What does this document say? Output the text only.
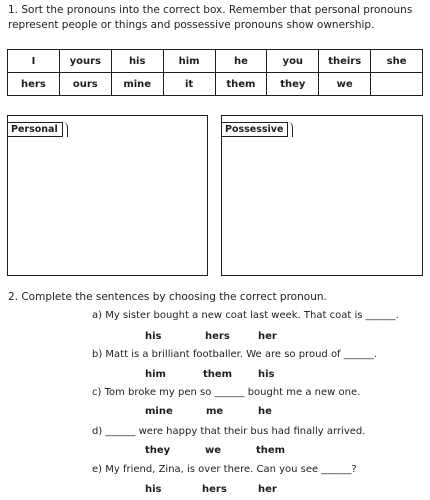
1. Sort the pronouns into the correct box. Remember that personal pronouns represent people or things and possessive pronouns show ownership.
I	yours	his	him	he	you	theirs	she
hers	ours	mine	it	them	they	we	
Personal	Possessive
2. Complete the sentences by choosing the correct pronoun.
a) My sister bought a new coat last week. That coat is ______.
his	hers	her
b) Matt is a brilliant footballer. We are so proud of ______.
him	them	his
c) Tom broke my pen so ______ bought me a new one.
mine	me	he
d) ______ were happy that their bus had finally arrived.
they	we	them
e) My friend, Zina, is over there. Can you see ______?
his	hers	her
